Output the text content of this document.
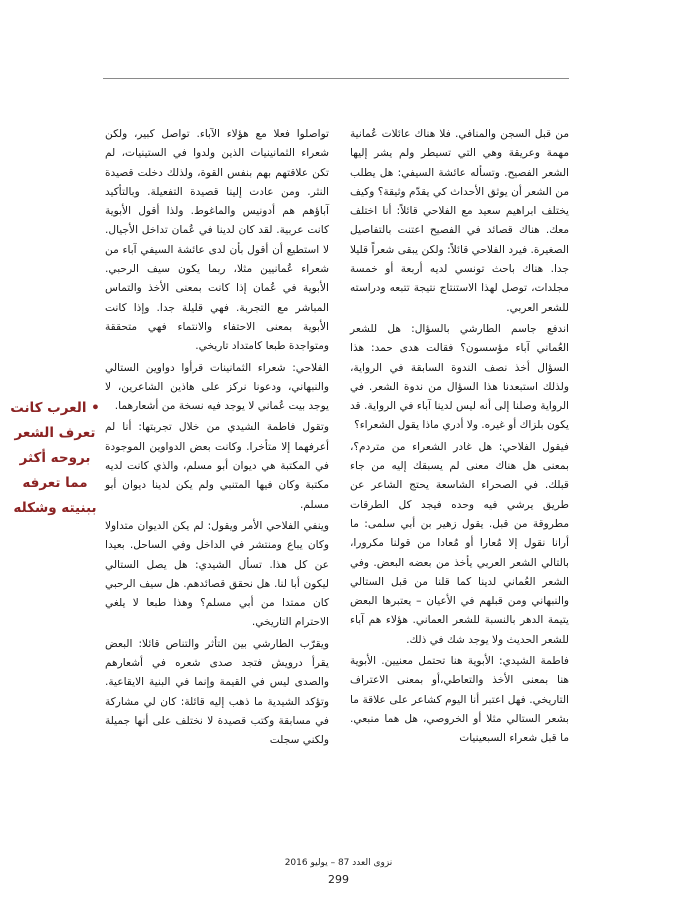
من قبل السجن والمنافي. فلا هناك عائلات عُمانية مهمة وعريقة وهي التي تسيطر ولم يشر إليها الشعر الفصيح. وتسأله عائشة السيفي: هل يطلب من الشعر أن يوثق الأحداث كي يقدّم وثيقة؟ وكيف يختلف ابراهيم سعيد مع الفلاحي قائلاً: أنا اختلف معك. هناك قصائد في الفصيح اعتنت بالتفاصيل الصغيرة. فيرد الفلاحي قائلاً: ولكن يبقى شعراً قليلا جدا. هناك باحث تونسي لديه أربعة أو خمسة مجلدات، توصل لهذا الاستنتاج نتيجة تتبعه ودراسته للشعر العربي.

اندفع جاسم الطارشي بالسؤال: هل للشعر العُماني آباء مؤسسون؟ فقالت هدى حمد: هذا السؤال أخذ نصف الندوة السابقة في الرواية، ولذلك استبعدنا هذا السؤال من ندوة الشعر. في الرواية وصلنا إلى أنه ليس لدينا آباء في الرواية. قد يكون بلزاك أو غيره. ولا أدري ماذا يقول الشعراء؟

فيقول الفلاحي: هل غادر الشعراء من متردم؟، بمعنى هل هناك معنى لم يسبقك إليه من جاء قبلك. في الصحراء الشاسعة يحتج الشاعر عن طريق يرشي فيه وحده فيجد كل الطرقات مطروقة من قبل. يقول زهير بن أبي سلمى: ما أرانا نقول إلا مُعارا أو مُعادا من قولنا مكرورا، بالتالي الشعر العربي يأخذ من بعضه البعض. وفي الشعر العُماني لدينا كما قلنا من قبل الستالي والنبهاني ومن قبلهم في الأعيان – يعتبرها البعض يتيمة الدهر بالنسبة للشعر العماني. هؤلاء هم آباء للشعر الحديث ولا يوجد شك في ذلك.

فاطمة الشيدي: الأبوية هنا تحتمل معنيين. الأبوية هنا بمعنى الأخذ والتعاطي،أو بمعنى الاعتراف التاريخي. فهل اعتبر أنا اليوم كشاعر على علاقة ما بشعر الستالي مثلا أو الخروصي، هل هما منبعي. ما قبل شعراء السبعينيات

تواصلوا فعلا مع هؤلاء الآباء. تواصل كبير، ولكن شعراء الثمانينيات الذين ولدوا في الستينيات، لم تكن علاقتهم بهم بنفس القوة، ولذلك دخلت قصيدة النثر. ومن عادت إلينا قصيدة التفعيلة. وبالتأكيد آباؤهم هم أدونيس والماغوط. ولذا أقول الأبوية كانت عربية. لقد كان لدينا في عُمان تداخل الأجيال. لا استطيع أن أقول بأن لدى عائشة السيفي آباء من شعراء عُمانيين مثلا، ربما يكون سيف الرحبي. الأبوية في عُمان إذا كانت بمعنى الأخذ والتماس المباشر مع التجربة. فهي قليلة جدا. وإذا كانت الأبوية بمعنى الاحتفاء والانتماء فهي متحققة ومتواجدة طبعا كامتداد تاريخي.

الفلاحي: شعراء الثمانينات قرأوا دواوين الستالي والنبهاني، ودعونا نركز على هاذين الشاعرين، لا يوجد بيت عُماني لا يوجد فيه نسخة من أشعارهما.

وتقول فاطمة الشيدي من خلال تجربتها: أنا لم أعرفهما إلا متأخرا. وكانت بعض الدواوين الموجودة في المكتبة هي ديوان أبو مسلم، والذي كانت لديه مكتبة وكان فيها المتنبي ولم يكن لدينا ديوان أبو مسلم.

وينفي الفلاحي الأمر ويقول: لم يكن الديوان متداولا وكان يباع ومنتشر في الداخل وفي الساحل. بعيدا عن كل هذا. تسأل الشيدي: هل يصل الستالي ليكون أبا لنا. هل نحقق قصائدهم. هل سيف الرحبي كان ممتدا من أبي مسلم؟ وهذا طبعا لا يلغي الاحترام التاريخي.

ويقرّب الطارشي بين التأثر والتناص قائلا: البعض يقرأ درويش فتجد صدى شعره في أشعارهم والصدى ليس في القيمة وإنما في البنية الايقاعية. وتؤكد الشيدية ما ذهب إليه قائلة: كان لي مشاركة في مسابقة وكتب قصيدة لا نختلف على أنها جميلة ولكني سجلت

• العرب كانت تعرف الشعر بروحه أكثر مما تعرفه ببنيته وشكله
نزوى العدد 87 – يوليو 2016
299
